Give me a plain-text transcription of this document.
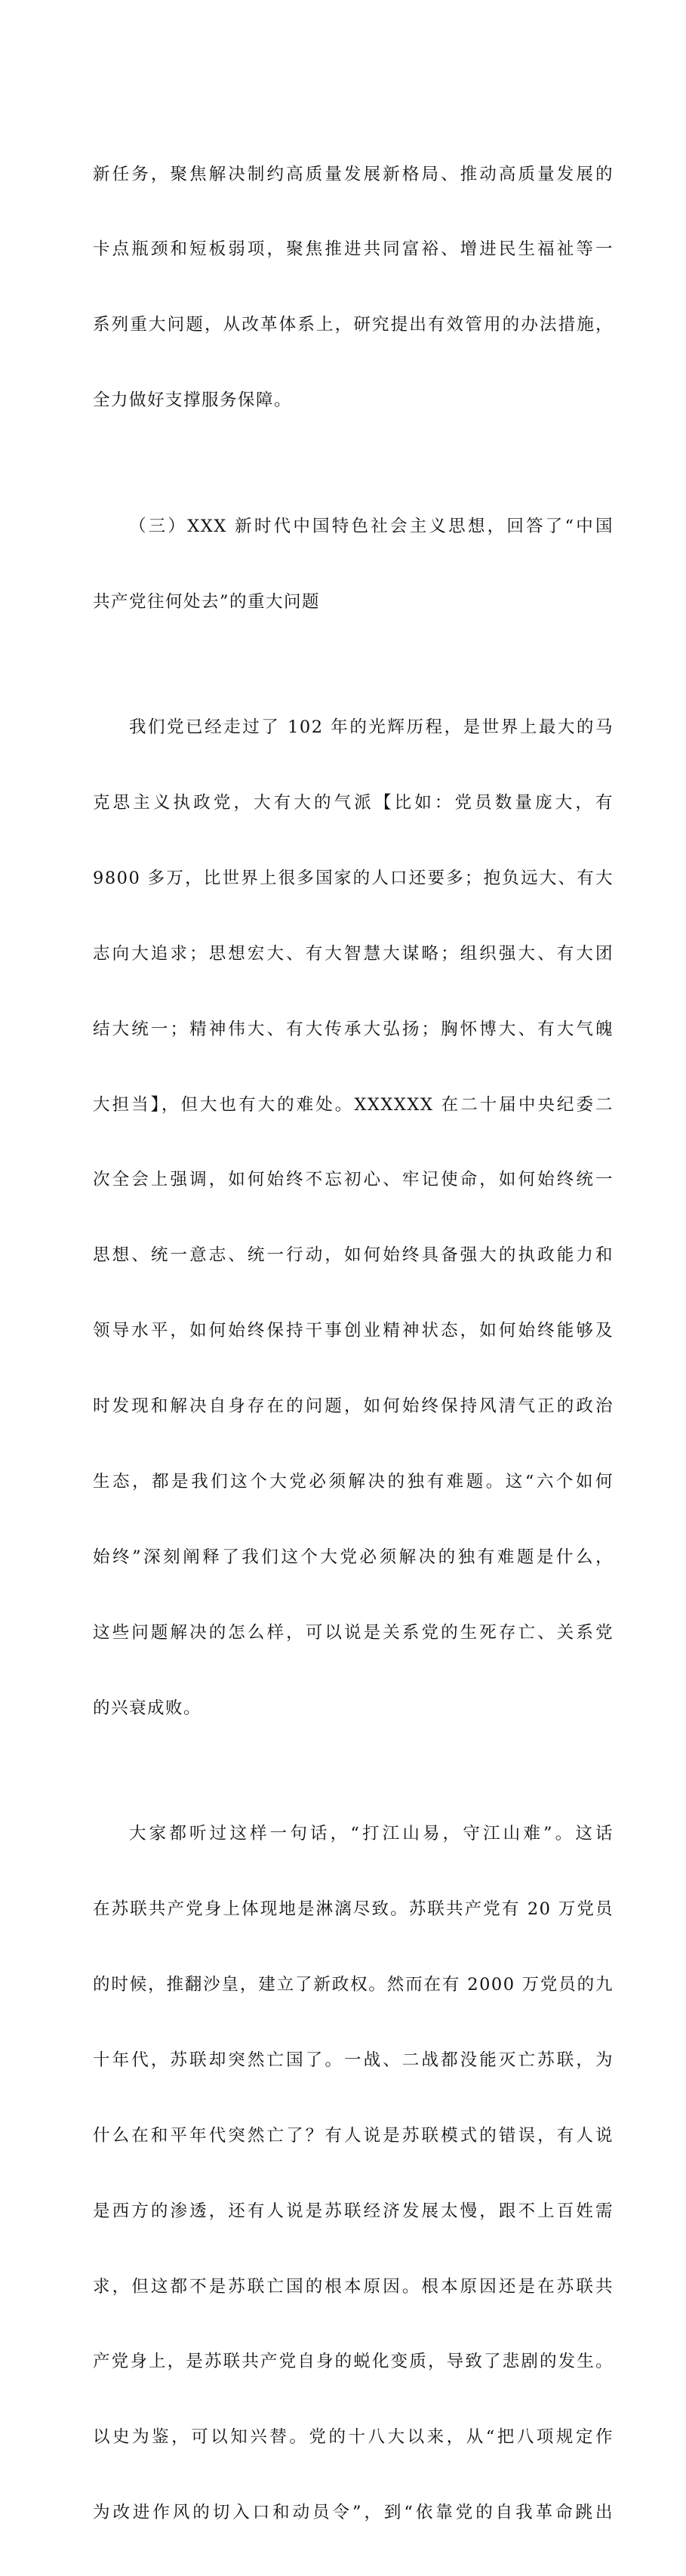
新任务，聚焦解决制约高质量发展新格局、推动高质量发展的

卡点瓶颈和短板弱项，聚焦推进共同富裕、增进民生福祉等一

系列重大问题，从改革体系上，研究提出有效管用的办法措施，

全力做好支撑服务保障。

（三）XXX 新时代中国特色社会主义思想，回答了“中国

共产党往何处去”的重大问题

我们党已经走过了 102 年的光辉历程，是世界上最大的马

克思主义执政党，大有大的气派【比如：党员数量庞大，有

9800 多万，比世界上很多国家的人口还要多；抱负远大、有大

志向大追求；思想宏大、有大智慧大谋略；组织强大、有大团

结大统一；精神伟大、有大传承大弘扬；胸怀博大、有大气魄

大担当】，但大也有大的难处。XXXXXX 在二十届中央纪委二

次全会上强调，如何始终不忘初心、牢记使命，如何始终统一

思想、统一意志、统一行动，如何始终具备强大的执政能力和

领导水平，如何始终保持干事创业精神状态，如何始终能够及

时发现和解决自身存在的问题，如何始终保持风清气正的政治

生态，都是我们这个大党必须解决的独有难题。这“六个如何

始终”深刻阐释了我们这个大党必须解决的独有难题是什么，

这些问题解决的怎么样，可以说是关系党的生死存亡、关系党

的兴衰成败。

大家都听过这样一句话，“打江山易，守江山难”。这话

在苏联共产党身上体现地是淋漓尽致。苏联共产党有 20 万党员

的时候，推翻沙皇，建立了新政权。然而在有 2000 万党员的九

十年代，苏联却突然亡国了。一战、二战都没能灭亡苏联，为

什么在和平年代突然亡了？有人说是苏联模式的错误，有人说

是西方的渗透，还有人说是苏联经济发展太慢，跟不上百姓需

求，但这都不是苏联亡国的根本原因。根本原因还是在苏联共

产党身上，是苏联共产党自身的蜕化变质，导致了悲剧的发生。

以史为鉴，可以知兴替。党的十八大以来，从“把八项规定作

为改进作风的切入口和动员令”，到“依靠党的自我革命跳出
